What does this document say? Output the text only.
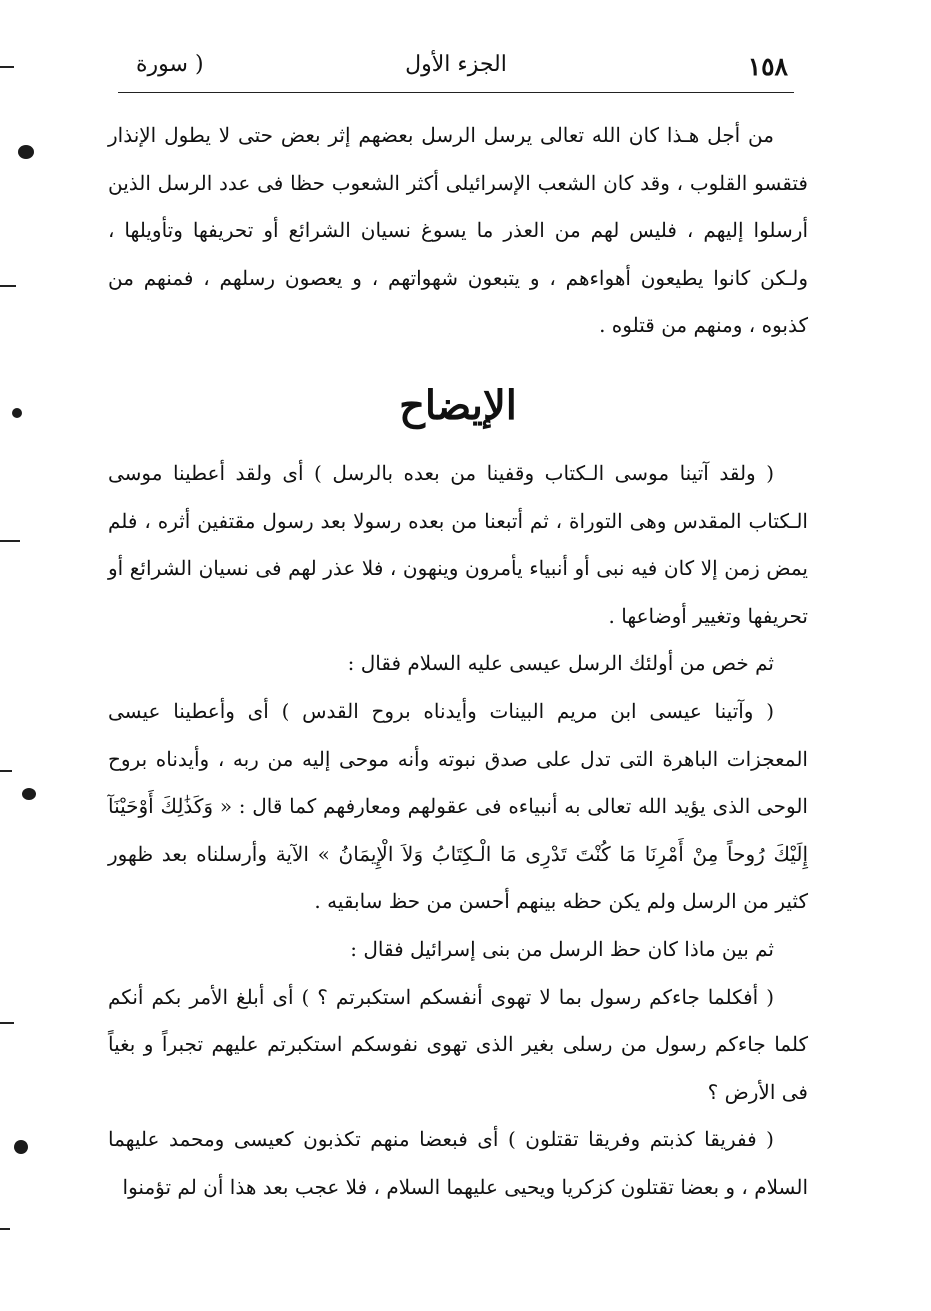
١٥٨
الجزء الأول
( سورة

من أجل هـذا كان الله تعالى يرسل الرسل بعضهم إثر بعض حتى لا يطول الإنذار فتقسو القلوب ، وقد كان الشعب الإسرائيلى أكثر الشعوب حظا فى عدد الرسل الذين أرسلوا إليهم ، فليس لهم من العذر ما يسوغ نسيان الشرائع أو تحريفها وتأويلها ، ولـكن كانوا يطيعون أهواءهم ، و يتبعون شهواتهم ، و يعصون رسلهم ، فمنهم من كذبوه ، ومنهم من قتلوه .

الإيضاح

( ولقد آتينا موسى الـكتاب وقفينا من بعده بالرسل ) أى ولقد أعطينا موسى الـكتاب المقدس وهى التوراة ، ثم أتبعنا من بعده رسولا بعد رسول مقتفين أثره ، فلم يمض زمن إلا كان فيه نبى أو أنبياء يأمرون وينهون ، فلا عذر لهم فى نسيان الشرائع أو تحريفها وتغيير أوضاعها .

ثم خص من أولئك الرسل عيسى عليه السلام فقال :

( وآتينا عيسى ابن مريم البينات وأيدناه بروح القدس ) أى وأعطينا عيسى المعجزات الباهرة التى تدل على صدق نبوته وأنه موحى إليه من ربه ، وأيدناه بروح الوحى الذى يؤيد الله تعالى به أنبياءه فى عقولهم ومعارفهم كما قال : « وَكَذَٰلِكَ أَوْحَيْنَآ إِلَيْكَ رُوحاً مِنْ أَمْرِنَا مَا كُنْتَ تَدْرِى مَا الْـكِتَابُ وَلاَ الْإِيمَانُ » الآية وأرسلناه بعد ظهور كثير من الرسل ولم يكن حظه بينهم أحسن من حظ سابقيه .

ثم بين ماذا كان حظ الرسل من بنى إسرائيل فقال :

( أفكلما جاءكم رسول بما لا تهوى أنفسكم استكبرتم ؟ ) أى أبلغ الأمر بكم أنكم كلما جاءكم رسول من رسلى بغير الذى تهوى نفوسكم استكبرتم عليهم تجبراً و بغياً فى الأرض ؟

( ففريقا كذبتم وفريقا تقتلون ) أى فبعضا منهم تكذبون كعيسى ومحمد عليهما السلام ، و بعضا تقتلون كزكريا ويحيى عليهما السلام ، فلا عجب بعد هذا أن لم تؤمنوا
